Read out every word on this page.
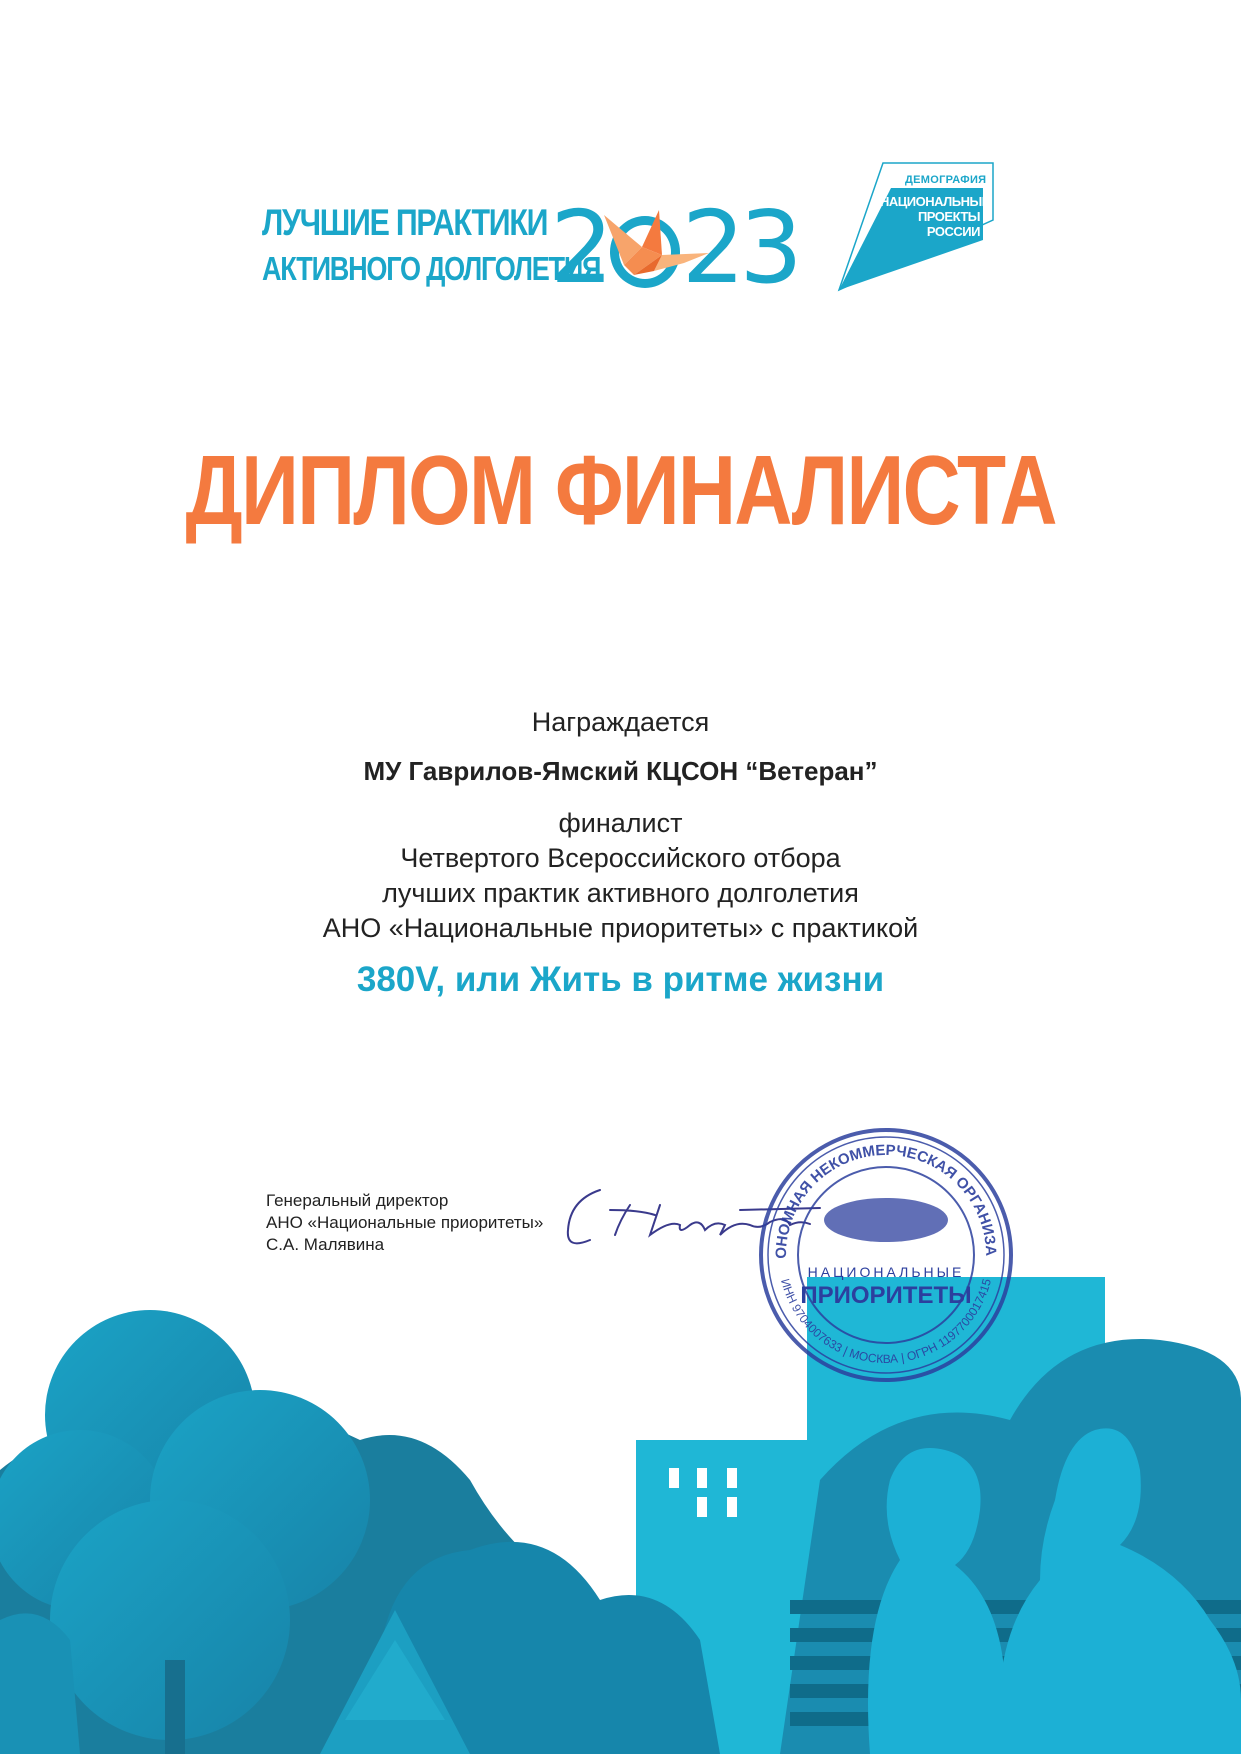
ЛУЧШИЕ ПРАКТИКИ
АКТИВНОГО ДОЛГОЛЕТИЯ
2 23
ДЕМОГРАФИЯ
НАЦИОНАЛЬНЫЕ
ПРОЕКТЫ
РОССИИ
ДИПЛОМ ФИНАЛИСТА
Награждается
МУ Гаврилов-Ямский КЦСОН “Ветеран”
финалист
Четвертого Всероссийского отбора
лучших практик активного долголетия
АНО «Национальные приоритеты» с практикой
380V, или Жить в ритме жизни
Генеральный директор
АНО «Национальные приоритеты»
С.А. Малявина	ОНОМНАЯ НЕКОММЕРЧЕСКАЯ ОРГАНИЗА
ИНН 9704007633 | МОСКВА | ОГРН 1197700017415
НАЦИОНАЛЬНЫЕ
ПРИОРИТЕТЫ
